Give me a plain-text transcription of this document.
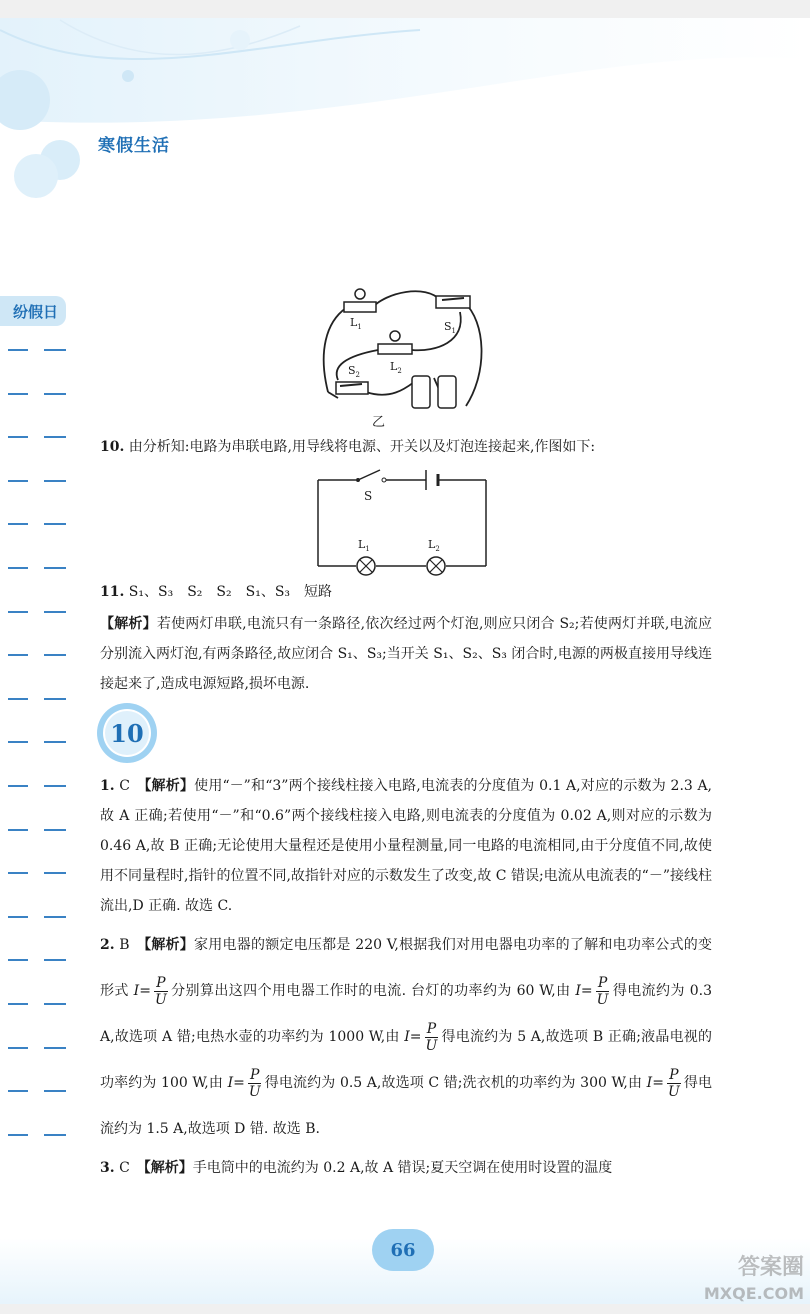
寒假生活
纷假日
$L_1$	$S_1$
$L_2$
$S_2$
乙
10. 由分析知:电路为串联电路,用导线将电源、开关以及灯泡连接起来,作图如下:
S
$L_1$	$L_2$
11. S₁、S₃　S₂　S₂　S₁、S₃　短路
【解析】若使两灯串联,电流只有一条路径,依次经过两个灯泡,则应只闭合 S₂;若使两灯并联,电流应分别流入两灯泡,有两条路径,故应闭合 S₁、S₃;当开关 S₁、S₂、S₃ 闭合时,电源的两极直接用导线连接起来了,造成电源短路,损坏电源.
10
1. C　【解析】使用“－”和“3”两个接线柱接入电路,电流表的分度值为 0.1 A,对应的示数为 2.3 A,故 A 正确;若使用“－”和“0.6”两个接线柱接入电路,则电流表的分度值为 0.02 A,则对应的示数为 0.46 A,故 B 正确;无论使用大量程还是使用小量程测量,同一电路的电流相同,由于分度值不同,故使用不同量程时,指针的位置不同,故指针对应的示数发生了改变,故 C 错误;电流从电流表的“－”接线柱流出,D 正确. 故选 C.
2. B　【解析】家用电器的额定电压都是 220 V,根据我们对用电器电功率的了解和电功率公式的变形式 $I= \frac{P}{U}$ 分别算出这四个用电器工作时的电流. 台灯的功率约为 60 W,由 $I= \frac{P}{U}$ 得电流约为 0.3 A,故选项 A 错;电热水壶的功率约为 1000 W,由 $I= \frac{P}{U}$ 得电流约为 5 A,故选项 B 正确;液晶电视的功率约为 100 W,由 $I= \frac{P}{U}$ 得电流约为 0.5 A,故选项 C 错;洗衣机的功率约为 300 W,由 $I= \frac{P}{U}$ 得电流约为 1.5 A,故选项 D 错. 故选 B.
3. C　【解析】手电筒中的电流约为 0.2 A,故 A 错误;夏天空调在使用时设置的温度
66
答案圈
MXQE.COM
